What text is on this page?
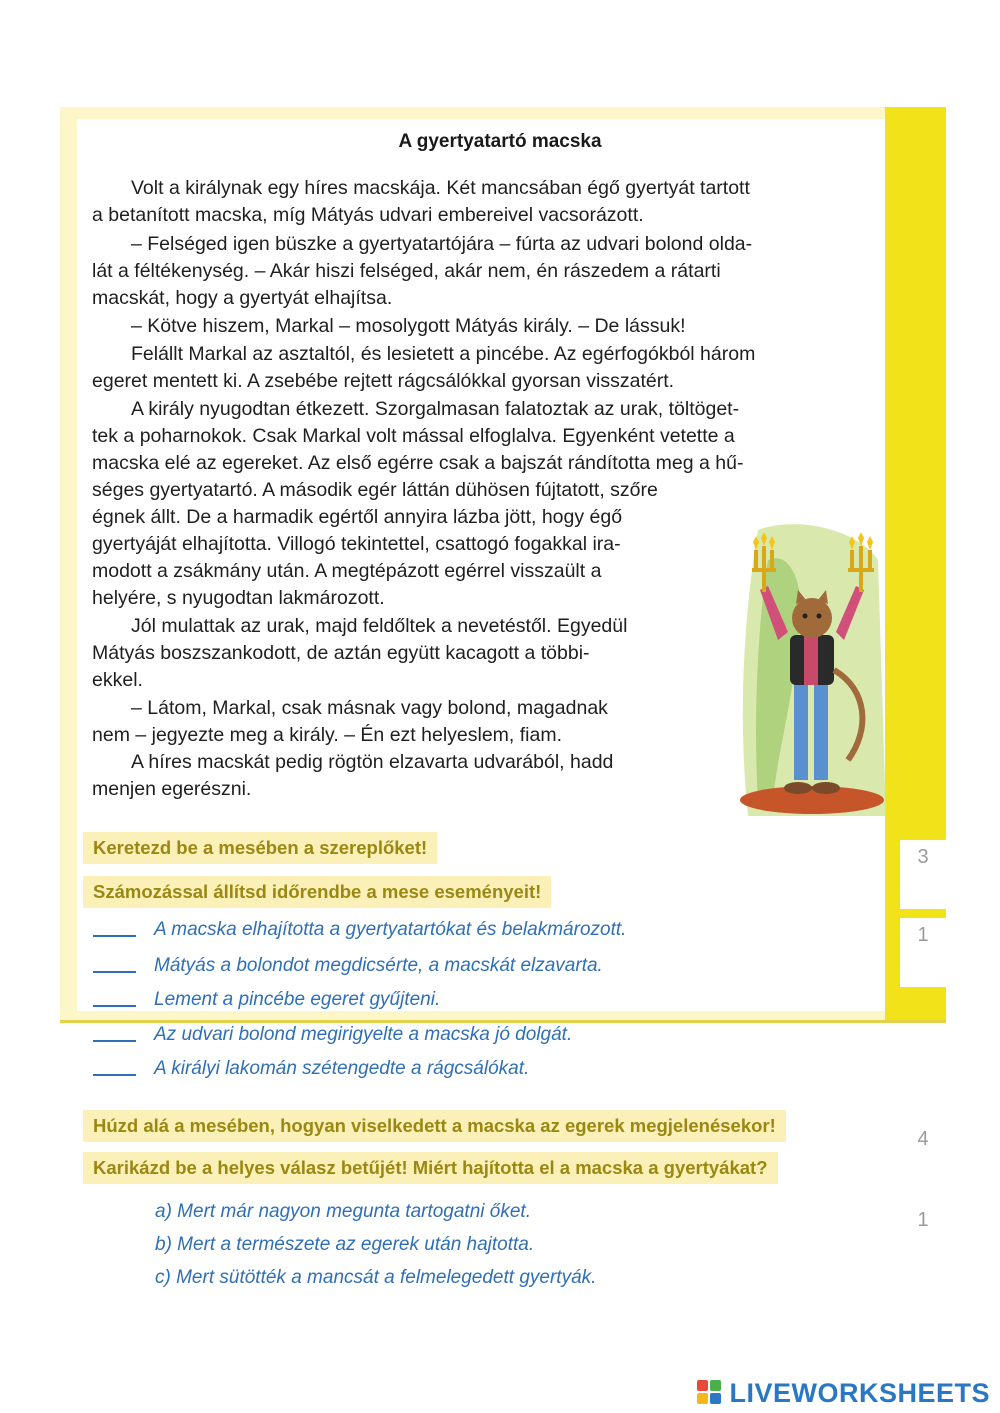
3
1
4
1
A gyertyatartó macska
  Volt a királynak egy híres macskája. Két mancsában égő gyertyát tartott
a betanított macska, míg Mátyás udvari embereivel vacsorázott.
  – Felséged igen büszke a gyertyatartójára – fúrta az udvari bolond olda-
lát a féltékenység. – Akár hiszi felséged, akár nem, én rászedem a rátarti
macskát, hogy a gyertyát elhajítsa.
  – Kötve hiszem, Markal – mosolygott Mátyás király. – De lássuk!
  Felállt Markal az asztaltól, és lesietett a pincébe. Az egérfogókból három
egeret mentett ki. A zsebébe rejtett rágcsálókkal gyorsan visszatért.
  A király nyugodtan étkezett. Szorgalmasan falatoztak az urak, töltöget-
tek a poharnokok. Csak Markal volt mással elfoglalva. Egyenként vetette a
macska elé az egereket. Az első egérre csak a bajszát rándította meg a hű-
séges gyertyatartó. A második egér láttán dühösen fújtatott, szőre
égnek állt. De a harmadik egértől annyira lázba jött, hogy égő
gyertyáját elhajította. Villogó tekintettel, csattogó fogakkal ira-
modott a zsákmány után. A megtépázott egérrel visszaült a
helyére, s nyugodtan lakmározott.
  Jól mulattak az urak, majd feldőltek a nevetéstől. Egyedül
Mátyás boszszankodott, de aztán együtt kacagott a többi-
ekkel.
  – Látom, Markal, csak másnak vagy bolond, magadnak
nem – jegyezte meg a király. – Én ezt helyeslem, fiam.
  A híres macskát pedig rögtön elzavarta udvarából, hadd
menjen egerészni.
Keretezd be a mesében a szereplőket!
Számozással állítsd időrendbe a mese eseményeit!
A macska elhajította a gyertyatartókat és belakmározott.
Mátyás a bolondot megdicsérte, a macskát elzavarta.
Lement a pincébe egeret gyűjteni.
Az udvari bolond megirigyelte a macska jó dolgát.
A királyi lakomán szétengedte a rágcsálókat.
Húzd alá a mesében, hogyan viselkedett a macska az egerek megjelenésekor!
Karikázd be a helyes válasz betűjét! Miért hajította el a macska a gyertyákat?
a) Mert már nagyon megunta tartogatni őket.
b) Mert a természete az egerek után hajtotta.
c) Mert sütötték a mancsát a felmelegedett gyertyák.
LIVEWORKSHEETS
